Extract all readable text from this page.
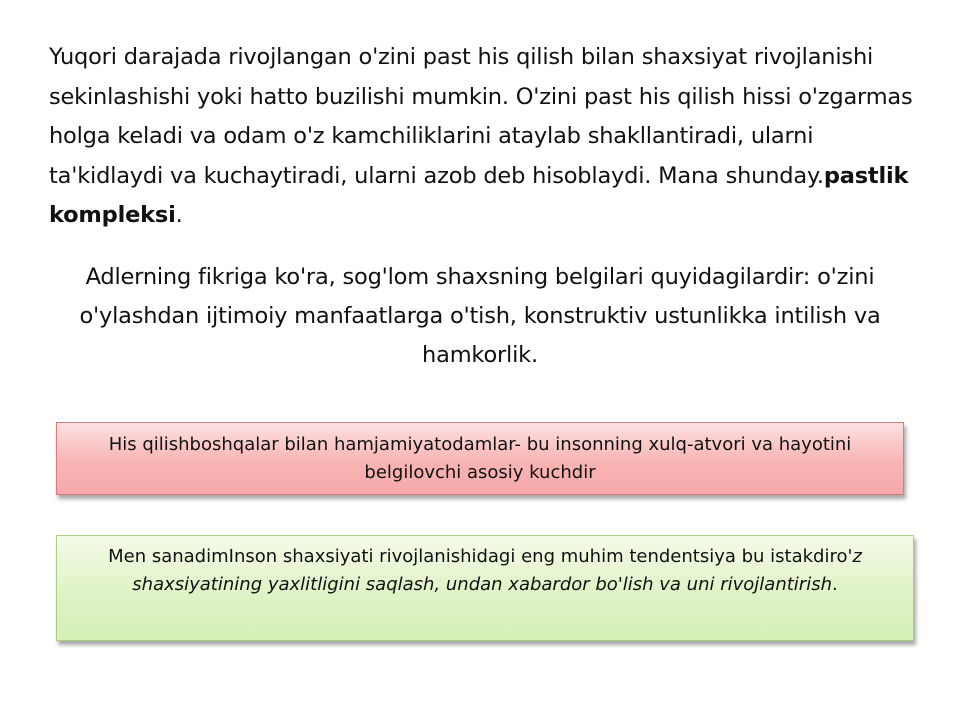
Yuqori darajada rivojlangan o'zini past his qilish bilan shaxsiyat rivojlanishi sekinlashishi yoki hatto buzilishi mumkin. O'zini past his qilish hissi o'zgarmas holga keladi va odam o'z kamchiliklarini ataylab shakllantiradi, ularni ta'kidlaydi va kuchaytiradi, ularni azob deb hisoblaydi. Mana shunday.pastlik kompleksi.
Adlerning fikriga ko'ra, sog'lom shaxsning belgilari quyidagilardir: o'zini o'ylashdan ijtimoiy manfaatlarga o'tish, konstruktiv ustunlikka intilish va hamkorlik.
His qilishboshqalar bilan hamjamiyatodamlar- bu insonning xulq-atvori va hayotini belgilovchi asosiy kuchdir
Men sanadimInson shaxsiyati rivojlanishidagi eng muhim tendentsiya bu istakdiro'z shaxsiyatining yaxlitligini saqlash, undan xabardor bo'lish va uni rivojlantirish.
